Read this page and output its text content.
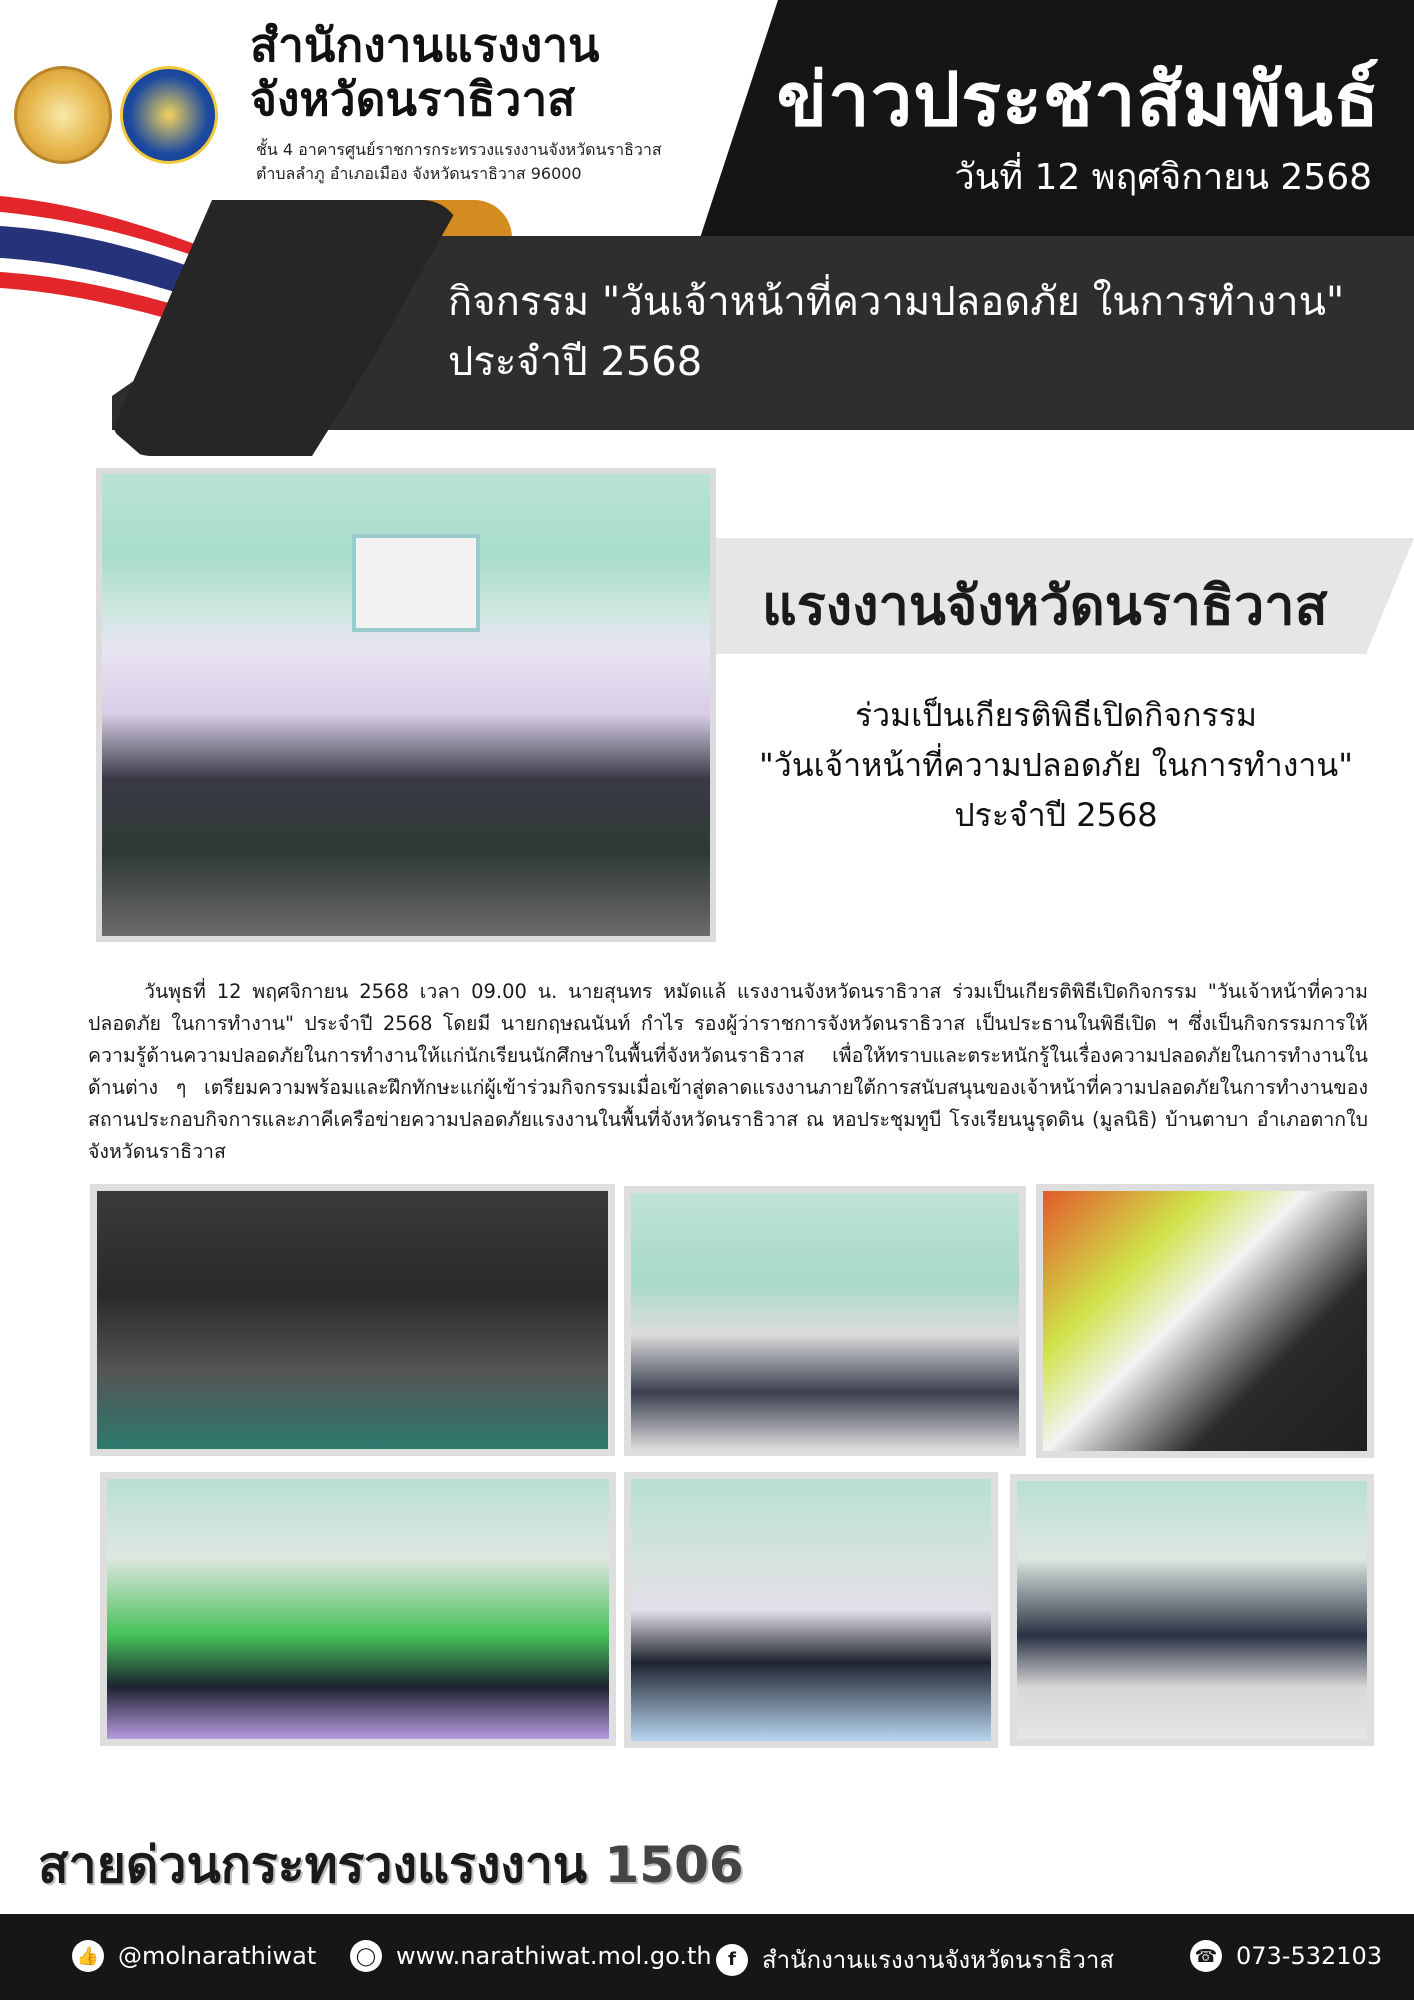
ข่าวประชาสัมพันธ์
วันที่ 12 พฤศจิกายน 2568
สำนักงานแรงงาน
จังหวัดนราธิวาส
ชั้น 4 อาคารศูนย์ราชการกระทรวงแรงงานจังหวัดนราธิวาส
ตำบลลำภู อำเภอเมือง จังหวัดนราธิวาส 96000
กิจกรรม "วันเจ้าหน้าที่ความปลอดภัย ในการทำงาน"
ประจำปี 2568
แรงงานจังหวัดนราธิวาส
ร่วมเป็นเกียรติพิธีเปิดกิจกรรม
"วันเจ้าหน้าที่ความปลอดภัย ในการทำงาน"
ประจำปี 2568
วันพุธที่ 12 พฤศจิกายน 2568 เวลา 09.00 น. นายสุนทร หมัดแล้ แรงงานจังหวัดนราธิวาส ร่วมเป็นเกียรติพิธีเปิดกิจกรรม "วันเจ้าหน้าที่ความปลอดภัย ในการทำงาน" ประจำปี 2568 โดยมี นายกฤษณนันท์ กำไร รองผู้ว่าราชการจังหวัดนราธิวาส เป็นประธานในพิธีเปิด ฯ ซึ่งเป็นกิจกรรมการให้ความรู้ด้านความปลอดภัยในการทำงานให้แก่นักเรียนนักศึกษาในพื้นที่จังหวัดนราธิวาส เพื่อให้ทราบและตระหนักรู้ในเรื่องความปลอดภัยในการทำงานในด้านต่าง ๆ เตรียมความพร้อมและฝึกทักษะแก่ผู้เข้าร่วมกิจกรรมเมื่อเข้าสู่ตลาดแรงงานภายใต้การสนับสนุนของเจ้าหน้าที่ความปลอดภัยในการทำงานของสถานประกอบกิจการและภาคีเครือข่ายความปลอดภัยแรงงานในพื้นที่จังหวัดนราธิวาส ณ หอประชุมทูบี โรงเรียนนูรุดดิน (มูลนิธิ) บ้านตาบา อำเภอตากใบ จังหวัดนราธิวาส
สายด่วนกระทรวงแรงงาน 1506
👍 @molnarathiwat	◯ www.narathiwat.mol.go.th f	สำนักงานแรงงานจังหวัดนราธิวาส	☎ 073-532103
